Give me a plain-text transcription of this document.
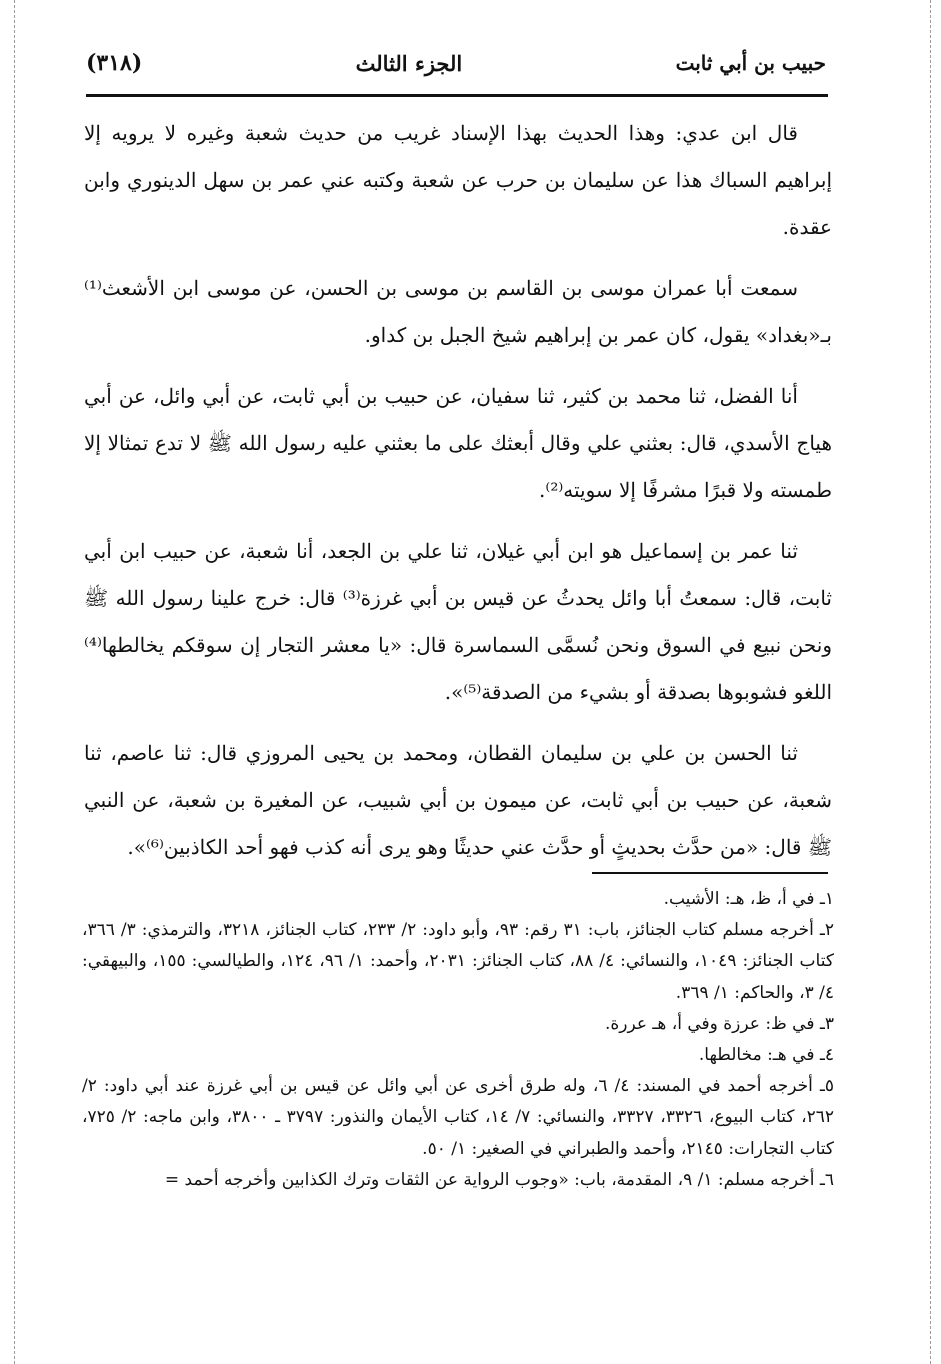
حبيب بن أبي ثابت
الجزء الثالث
(٣١٨)

قال ابن عدي: وهذا الحديث بهذا الإسناد غريب من حديث شعبة وغيره لا يرويه إلا إبراهيم السباك هذا عن سليمان بن حرب عن شعبة وكتبه عني عمر بن سهل الدينوري وابن عقدة.

سمعت أبا عمران موسى بن القاسم بن موسى بن الحسن، عن موسى ابن الأشعث⁽¹⁾ بـ«بغداد» يقول، كان عمر بن إبراهيم شيخ الجبل بن كداو.

أنا الفضل، ثنا محمد بن كثير، ثنا سفيان، عن حبيب بن أبي ثابت، عن أبي وائل، عن أبي هياج الأسدي، قال: بعثني علي وقال أبعثك على ما بعثني عليه رسول الله ﷺ لا تدع تمثالا إلا طمسته ولا قبرًا مشرفًا إلا سويته⁽²⁾.

ثنا عمر بن إسماعيل هو ابن أبي غيلان، ثنا علي بن الجعد، أنا شعبة، عن حبيب ابن أبي ثابت، قال: سمعتُ أبا وائل يحدثُ عن قيس بن أبي غرزة⁽³⁾ قال: خرج علينا رسول الله ﷺ ونحن نبيع في السوق ونحن نُسمَّى السماسرة قال: «يا معشر التجار إن سوقكم يخالطها⁽⁴⁾ اللغو فشوبوها بصدقة أو بشيء من الصدقة⁽⁵⁾».

ثنا الحسن بن علي بن سليمان القطان، ومحمد بن يحيى المروزي قال: ثنا عاصم، ثنا شعبة، عن حبيب بن أبي ثابت، عن ميمون بن أبي شبيب، عن المغيرة بن شعبة، عن النبي ﷺ قال: «من حدَّث بحديثٍ أو حدَّث عني حديثًا وهو يرى أنه كذب فهو أحد الكاذبين⁽⁶⁾».

١ـ في أ، ظ، هـ: الأشيب.
٢ـ أخرجه مسلم كتاب الجنائز، باب: ٣١ رقم: ٩٣، وأبو داود: ٢/ ٢٣٣، كتاب الجنائز، ٣٢١٨، والترمذي: ٣/ ٣٦٦، كتاب الجنائز: ١٠٤٩، والنسائي: ٤/ ٨٨، كتاب الجنائز: ٢٠٣١، وأحمد: ١/ ٩٦، ١٢٤، والطيالسي: ١٥٥، والبيهقي: ٤/ ٣، والحاكم: ١/ ٣٦٩.
٣ـ في ظ: عرزة وفي أ، هـ عررة.
٤ـ في هـ: مخالطها.
٥ـ أخرجه أحمد في المسند: ٤/ ٦، وله طرق أخرى عن أبي وائل عن قيس بن أبي غرزة عند أبي داود: ٢/ ٢٦٢، كتاب البيوع، ٣٣٢٦، ٣٣٢٧، والنسائي: ٧/ ١٤، كتاب الأيمان والنذور: ٣٧٩٧ ـ ٣٨٠٠، وابن ماجه: ٢/ ٧٢٥، كتاب التجارات: ٢١٤٥، وأحمد والطبراني في الصغير: ١/ ٥٠.
٦ـ أخرجه مسلم: ١/ ٩، المقدمة، باب: «وجوب الرواية عن الثقات وترك الكذابين وأخرجه أحمد =
